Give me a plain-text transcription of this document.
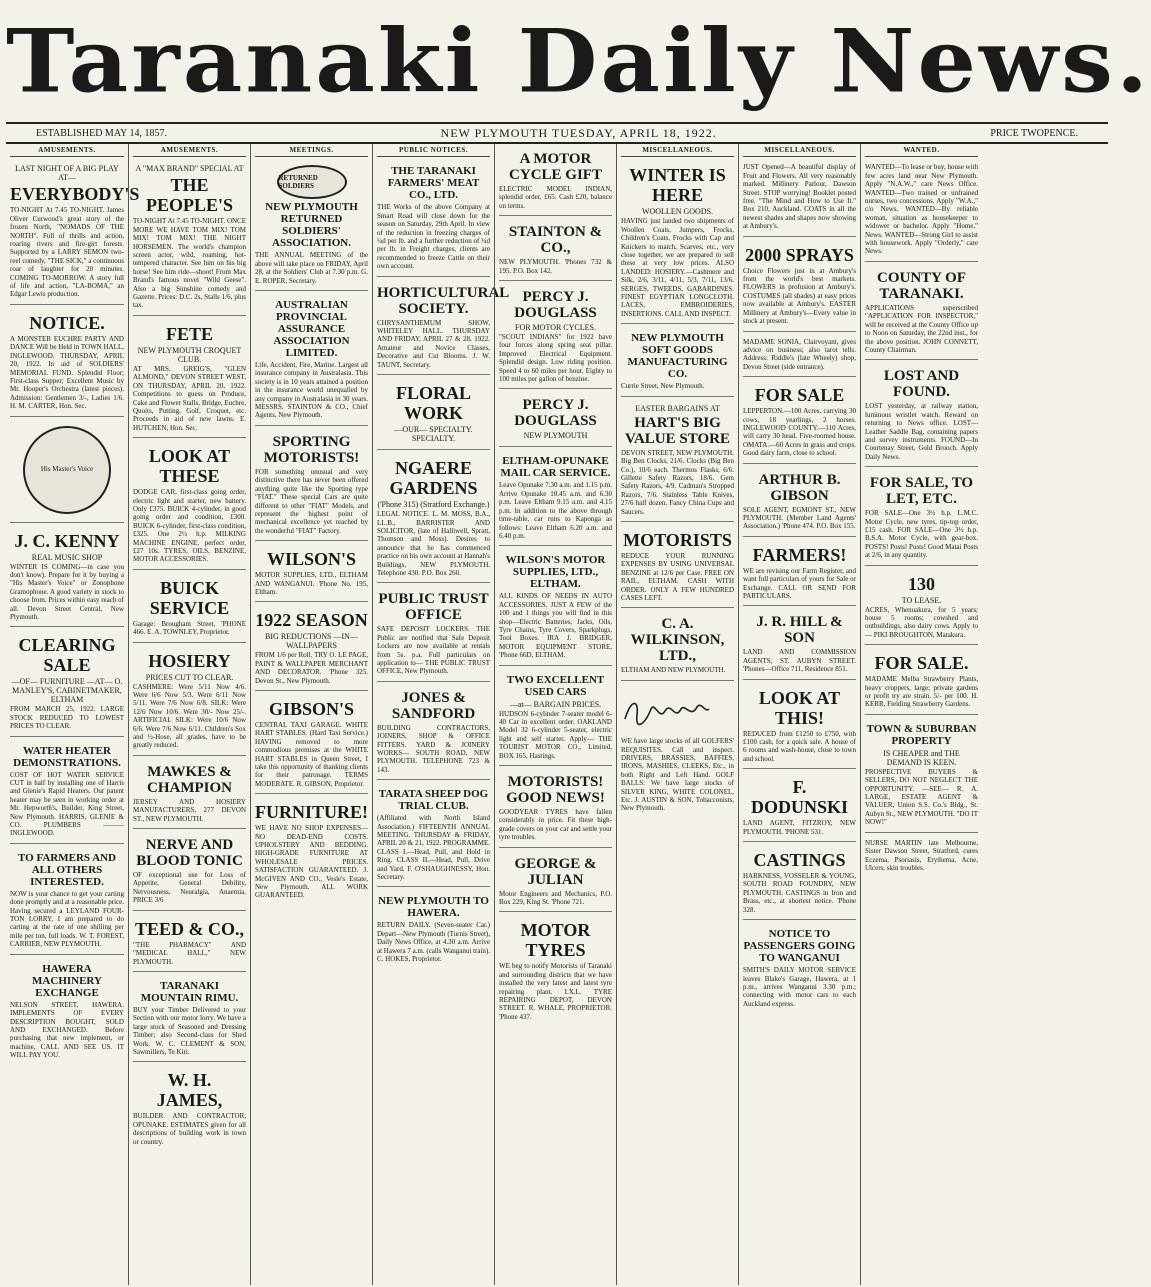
Taranaki Daily News.
ESTABLISHED MAY 14, 1857.	NEW PLYMOUTH TUESDAY, APRIL 18, 1922.	PRICE TWOPENCE.
AMUSEMENTS.
LAST NIGHT OF A BIG PLAY AT—
EVERYBODY'S
TO-NIGHT At 7.45 TO-NIGHT. James Oliver Curwood's great story of the frozen North, "NOMADS OF THE NORTH". Full of thrills and action, roaring rivers and fire-girt forests. Supported by a LARRY SEMON two-reel comedy, "THE SICK," a continuous roar of laughter for 20 minutes. COMING TO-MORROW. A story full of life and action, "LA-BOMA," an Edgar Lewis production.
NOTICE.
A MONSTER EUCHRE PARTY AND DANCE Will be Held in TOWN HALL, INGLEWOOD. THURSDAY, APRIL 20, 1922. In aid of SOLDIERS' MEMORIAL FUND. Splendid Floor; First-class Supper; Excellent Music by Mr. Hooper's Orchestra (latest pieces). Admission: Gentlemen 3/-, Ladies 1/6. H. M. CARTER, Hon. Sec.
His Master's Voice
J. C. KENNY
REAL MUSIC SHOP
WINTER IS COMING—in case you don't know). Prepare for it by buying a "His Master's Voice" or Zonophone Gramophone. A good variety in stock to choose from. Prices within easy reach of all. Devon Street Central, New Plymouth.
CLEARING SALE
—OF— FURNITURE —AT— O. MANLEY'S, CABINETMAKER, ELTHAM
FROM MARCH 25, 1922. LARGE STOCK REDUCED TO LOWEST PRICES TO CLEAR.
WATER HEATER DEMONSTRATIONS.
COST OF HOT WATER SERVICE CUT in half by installing one of Harris and Glenie's Rapid Heaters. Our patent heater may be seen in working order at Mr. Hepworth's, Builder, King Street, New Plymouth. HARRIS, GLENIE & CO. PLUMBERS ——— INGLEWOOD.
TO FARMERS AND ALL OTHERS INTERESTED.
NOW is your chance to get your carting done promptly and at a reasonable price. Having secured a LEYLAND FOUR-TON LORRY, I am prepared to do carting at the rate of one shilling per mile per ton, full loads. W. T. FOREST, CARRIER, NEW PLYMOUTH.
HAWERA MACHINERY EXCHANGE
NELSON STREET, HAWERA. IMPLEMENTS OF EVERY DESCRIPTION BOUGHT, SOLD AND EXCHANGED. Before purchasing that new implement, or machine, CALL AND SEE US. IT WILL PAY YOU.
AMUSEMENTS.
A "MAX BRAND" SPECIAL AT
THE PEOPLE'S
TO-NIGHT At 7.45 TO-NIGHT. ONCE MORE WE HAVE TOM MIX! TOM MIX! TOM MIX! THE NIGHT HORSEMEN. The world's champion screen actor, wild, roaming, hot-tempered character. See him on his big horse! See him ride—shoot! From Max Brand's famous novel "Wild Geese". Also a big Sunshine comedy and Gazette. Prices: D.C. 2s, Stalls 1/6, plus tax.
FETE
NEW PLYMOUTH CROQUET CLUB.
AT MRS. GREIG'S, "GLEN ALMOND," DEVON STREET WEST, ON THURSDAY, APRIL 20, 1922. Competitions to guess on Produce, Cake and Flower Stalls, Bridge, Euchre, Quoits, Putting, Golf, Croquet, etc. Proceeds in aid of new lawns. E. HUTCHEN, Hon. Sec.
LOOK AT THESE
DODGE CAR, first-class going order, electric light and starter, new battery. Only £375. BUICK 4-cylinder, in good going order and condition, £300. BUICK 6-cylinder, first-class condition, £325. One 2½ h.p. MILKING MACHINE ENGINE, perfect order, £27 10s. TYRES, OILS, BENZINE, MOTOR ACCESSORIES.
BUICK SERVICE
Garage: Brougham Street, 'PHONE 466. E. A. TOWNLEY, Proprietor.
HOSIERY
PRICES CUT TO CLEAR.
CASHMERE: Were 5/11 Now 4/6. Were 6/6 Now 5/3. Were 6/11 Now 5/11. Were 7/6 Now 6/8. SILK: Were 12/6 Now 10/6. Were 30/- Now 25/-. ARTIFICIAL SILK: Were 10/6 Now 6/6. Were 7/6 Now 6/11. Children's Sox and ½-Hose, all grades, have to be greatly reduced.
MAWKES & CHAMPION
JERSEY AND HOSIERY MANUFACTURERS, 277 DEVON ST., NEW PLYMOUTH.
NERVE AND BLOOD TONIC
OF exceptional use for Loss of Appetite, General Debility, Nervousness, Neuralgia, Anaemia. PRICE 3/6
TEED & CO.,
"THE PHARMACY" AND "MEDICAL HALL," NEW PLYMOUTH.
TARANAKI MOUNTAIN RIMU.
BUY your Timber Delivered to your Section with our motor lorry. We have a large stock of Seasoned and Dressing Timber; also Second-class for Shed Work. W. C. CLEMENT & SON, Sawmillers, Te Kiri.
W. H. JAMES,
BUILDER AND CONTRACTOR, OPUNAKE. ESTIMATES given for all descriptions of building work in town or country.
MEETINGS.
RETURNED SOLDIERS
NEW PLYMOUTH RETURNED SOLDIERS' ASSOCIATION.
THE ANNUAL MEETING of the above will take place on FRIDAY, April 28, at the Soldiers' Club at 7.30 p.m. G. E. ROPER, Secretary.
AUSTRALIAN PROVINCIAL ASSURANCE ASSOCIATION LIMITED.
Life, Accident, Fire, Marine. Largest all insurance company in Australasia. This society is in 10 years attained a position in the insurance world unequalled by any company in Australasia in 30 years. MESSRS. STAINTON & CO., Chief Agents, New Plymouth.
SPORTING MOTORISTS!
FOR something unusual and very distinctive there has never been offered anything quite like the Sporting type "FIAT." These special Cars are quite different to other "FIAT" Models, and represent the highest point of mechanical excellence yet reached by the wonderful "FIAT" Factory.
WILSON'S
MOTOR SUPPLIES, LTD., ELTHAM AND WANGANUI. 'Phone No. 195, Eltham.
1922 SEASON
BIG REDUCTIONS —IN— WALLPAPERS
FROM 1/6 per Roll. TRY O. LE PAGE, PAINT & WALLPAPER MERCHANT AND DECORATOR. 'Phone 325. Devon St., New Plymouth.
GIBSON'S
CENTRAL TAXI GARAGE. WHITE HART STABLES. (Hard Taxi Service.) HAVING removed to more commodious premises at the WHITE HART STABLES in Queen Street, I take this opportunity of thanking clients for their patronage. TERMS MODERATE. R. GIBSON, Proprietor.
FURNITURE!
WE HAVE NO SHOP EXPENSES—NO DEAD-END COSTS. UPHOLSTERY AND BEDDING. HIGH-GRADE FURNITURE AT WHOLESALE PRICES. SATISFACTION GUARANTEED. J. McGIVEN AND CO., Vesle's Estate, New Plymouth. ALL WORK GUARANTEED.
PUBLIC NOTICES.
THE TARANAKI FARMERS' MEAT CO., LTD.
THE Works of the above Company at Smart Road will close down for the season on Saturday, 29th April. In view of the reduction in freezing charges of ¼d per lb. and a further reduction of ¼d per lb. in Freight charges, clients are recommended to freeze Cattle on their own account.
HORTICULTURAL SOCIETY.
CHRYSANTHEMUM SHOW, WHITELEY HALL. THURSDAY AND FRIDAY, APRIL 27 & 28, 1922. Amateur and Novice Classes, Decorative and Cut Blooms. J. W. TAUNT, Secretary.
FLORAL WORK
—OUR— SPECIALTY. SPECIALTY.
NGAERE GARDENS
('Phone 315) (Stratford Exchange.)
LEGAL NOTICE. L. M. MOSS, B.A., LL.B., BARRISTER AND SOLICITOR, (late of Halliwell, Spratt, Thomson and Moss). Desires to announce that he has commenced practice on his own account at Hannah's Buildings, NEW PLYMOUTH. Telephone 430. P.O. Box 260.
PUBLIC TRUST OFFICE
SAFE DEPOSIT LOCKERS. THE Public are notified that Safe Deposit Lockers are now available at rentals from 5s. p.a. Full particulars on application to— THE PUBLIC TRUST OFFICE, New Plymouth.
JONES & SANDFORD
BUILDING CONTRACTORS, JOINERS, SHOP & OFFICE FITTERS. YARD & JOINERY WORKS— SOUTH ROAD, NEW PLYMOUTH. TELEPHONE 723 & 143.
TARATA SHEEP DOG TRIAL CLUB.
(Affiliated with North Island Association.) FIFTEENTH ANNUAL MEETING. THURSDAY & FRIDAY, APRIL 20 & 21, 1922. PROGRAMME. CLASS I.—Head, Pull, and Hold in Ring. CLASS II.—Head, Pull, Drive and Yard. F. O'SHAUGHNESSY, Hon. Secretary.
NEW PLYMOUTH TO HAWERA.
RETURN DAILY. (Seven-seater Car.) Depart—New Plymouth (Turnis Street), Daily News Office, at 4.30 a.m. Arrive at Hawera 7 a.m. (calls Wanganui train). C. HOKES, Proprietor.
A MOTOR CYCLE GIFT
ELECTRIC MODEL INDIAN, splendid order, £65. Cash £20, balance on terms.
STAINTON & CO.,
NEW PLYMOUTH. 'Phones 732 & 195. P.O. Box 142.
PERCY J. DOUGLASS
FOR MOTOR CYCLES.
"SCOUT INDIANS" for 1922 have four forces along spring seat pillar. Improved Electrical Equipment. Splendid design. Low riding position. Speed 4 to 60 miles per hour. Eighty to 100 miles per gallon of benzine.
PERCY J. DOUGLASS
NEW PLYMOUTH
ELTHAM-OPUNAKE MAIL CAR SERVICE.
Leave Opunake 7.30 a.m. and 1.15 p.m. Arrive Opunake 10.45 a.m. and 6.30 p.m. Leave Eltham 9.15 a.m. and 4.15 p.m. In addition to the above through time-table, car runs to Kaponga as follows: Leave Eltham 6.20 a.m. and 6.40 p.m.
WILSON'S MOTOR SUPPLIES, LTD., ELTHAM.
ALL KINDS OF NEEDS IN AUTO ACCESSORIES. JUST A FEW of the 100 and 1 things you will find in this shop—Electric Batteries, Jacks, Oils, Tyre Chains, Tyre Covers, Sparkplugs, Tool Boxes. IRA J. BRIDGER, MOTOR EQUIPMENT STORE, 'Phone 66D, ELTHAM.
TWO EXCELLENT USED CARS
—at— BARGAIN PRICES.
HUDSON 6-cylinder 7-seater model 6-40 Car in excellent order. OAKLAND Model 32 6-cylinder 5-seater, electric light and self starter. Apply— THE TOURIST MOTOR CO., Limited, BOX 165, Hastings.
MOTORISTS! GOOD NEWS!
GOODYEAR TYRES have fallen considerably in price. Fit these high-grade covers on your car and settle your tyre troubles.
GEORGE & JULIAN
Motor Engineers and Mechanics, P.O. Box 229, King St. 'Phone 721.
MOTOR TYRES
WE beg to notify Motorists of Taranaki and surrounding districts that we have installed the very latest and latest tyre repairing plant. I.X.L. TYRE REPAIRING DEPOT, DEVON STREET. R. WHALE, PROPRIETOR. 'Phone 437.
MISCELLANEOUS.
WINTER IS HERE
WOOLLEN GOODS.
HAVING just landed two shipments of Woollen Coats, Jumpers, Frocks, Children's Coats, Frocks with Cap and Knickers to match, Scarves, etc., very close together, we are prepared to sell these at very low prices. ALSO LANDED: HOSIERY.—Cashmere and Silk, 2/6, 3/11, 4/11, 5/3, 7/11, 13/6. SERGES, TWEEDS, GABARDINES. FINEST EGYPTIAN LONGCLOTH. LACES, EMBROIDERIES, INSERTIONS. CALL AND INSPECT.
NEW PLYMOUTH SOFT GOODS MANUFACTURING CO.
Currie Street, New Plymouth.
EASTER BARGAINS AT
HART'S BIG VALUE STORE
DEVON STREET, NEW PLYMOUTH. Big Ben Clocks, 21/6. Clocks (Big Ben Co.), 10/6 each. Thermos Flasks, 6/6. Gillette Safety Razors, 18/6. Gem Safety Razors, 4/9. Cadman's Stropped Razors, 7/6. Stainless Table Knives, 27/6 half dozen. Fancy China Cups and Saucers.
MOTORISTS
REDUCE YOUR RUNNING EXPENSES BY USING UNIVERSAL BENZINE at 12/6 per Case. FREE ON RAIL, ELTHAM. CASH WITH ORDER. ONLY A FEW HUNDRED CASES LEFT.
C. A. WILKINSON, LTD.,
ELTHAM AND NEW PLYMOUTH.
WE have large stocks of all GOLFERS' REQUISITES. Call and inspect. DRIVERS, BRASSIES, BAFFIES, IRONS, MASHIES, CLEEKS, Etc., in both Right and Left Hand. GOLF BALLS: We have large stocks of SILVER KING, WHITE COLONEL, Etc. J. AUSTIN & SON, Tobacconists, New Plymouth.
MISCELLANEOUS.
JUST Opened—A beautiful display of Fruit and Flowers. All very reasonably marked. Millinery Parlour, Dawson Street. STOP worrying! Booklet posted free. "The Mind and How to Use It." Box 210, Auckland. COATS in all the newest shades and shapes now showing at Ambury's.
2000 SPRAYS
Choice Flowers just in at Ambury's from the world's best markets. FLOWERS in profusion at Ambury's. COSTUMES (all shades) at easy prices now available at Ambury's. EASTER Millinery at Ambury's—Every value in stock at present.
MADAME SONIA, Clairvoyant, gives advice on business; also tarot tells. Address: Riddle's (late Wheely) shop, Devon Street (side entrance).
FOR SALE
LEPPERTON.—100 Acres, carrying 30 cows, 18 yearlings, 2 horses. INGLEWOOD COUNTY.—110 Acres, will carry 30 head. Five-roomed house. OMATA.—60 Acres in grass and crops. Good dairy farm, close to school.
ARTHUR B. GIBSON
SOLE AGENT, EGMONT ST., NEW PLYMOUTH. (Member Land Agents' Association.) 'Phone 474. P.O. Box 155.
FARMERS!
WE are revising our Farm Register, and want full particulars of yours for Sale or Exchange. CALL OR SEND FOR PARTICULARS.
J. R. HILL & SON
LAND AND COMMISSION AGENTS, ST. AUBYN STREET. 'Phones—Office 711, Residence 851.
LOOK AT THIS!
REDUCED from £1250 to £750, with £100 cash, for a quick sale. A house of 6 rooms and wash-house, close to town and school.
F. DODUNSKI
LAND AGENT, FITZROY, NEW PLYMOUTH. 'PHONE 531.
CASTINGS
HARKNESS, VOSSELER & YOUNG, SOUTH ROAD FOUNDRY, NEW PLYMOUTH. CASTINGS in Iron and Brass, etc., at shortest notice. 'Phone 328.
NOTICE TO PASSENGERS GOING TO WANGANUI
SMITH'S DAILY MOTOR SERVICE leaves Blake's Garage, Hawera, at 1 p.m., arrives Wanganui 3.30 p.m.; connecting with motor cars to each Auckland express.
WANTED.
WANTED—To lease or buy, house with few acres land near New Plymouth. Apply "N.A.W.," care News Office. WANTED—Two trained or unfrained nurses, two concessions. Apply "W.A.," c/o News. WANTED—By reliable woman, situation as housekeeper to widower or bachelor. Apply "Home," News. WANTED—Strong Girl to assist with housework. Apply "Orderly," care News.
COUNTY OF TARANAKI.
APPLICATIONS superscribed "APPLICATION FOR INSPECTOR," will be received at the County Office up to Noon on Saturday, the 22nd inst., for the above position. JOHN CONNETT, County Chairman.
LOST AND FOUND.
LOST yesterday, at railway station, luminous wristlet watch. Reward on returning to News office. LOST—Leather Saddle Bag, containing papers and survey instruments. FOUND—In Courtenay Street, Gold Brooch. Apply Daily News.
FOR SALE, TO LET, ETC.
FOR SALE—One 3½ h.p. L.M.C. Motor Cycle, new tyres, tip-top order, £15 cash. FOR SALE—One 3½ h.p. B.S.A. Motor Cycle, with gear-box. POSTS! Posts! Posts! Good Matai Posts at 2/6, in any quantity.
130
TO LEASE.
ACRES, Whenuakura, for 5 years; house 5 rooms; cowshed and outbuildings, also dairy cows. Apply to— PIKI BROUGHTON, Matakura.
FOR SALE.
MADAME Melba Strawberry Plants, heavy croppers, large; private gardens or profit try are strain. 5/- per 100. H. KERR, Fielding Strawberry Gardens.
TOWN & SUBURBAN PROPERTY
IS CHEAPER and THE DEMAND IS KEEN.
PROSPECTIVE BUYERS & SELLERS, DO NOT NEGLECT THE OPPORTUNITY. —SEE— R. A. LARGE, ESTATE AGENT & VALUER, Union S.S. Co.'s Bldg., St. Aubyn St., NEW PLYMOUTH. "DO IT NOW!"
NURSE MARTIN late Melbourne, Sister Dawson Street, Stratford, cures Eczema, Psoriasis, Erythema, Acne, Ulcers, skin troubles.
